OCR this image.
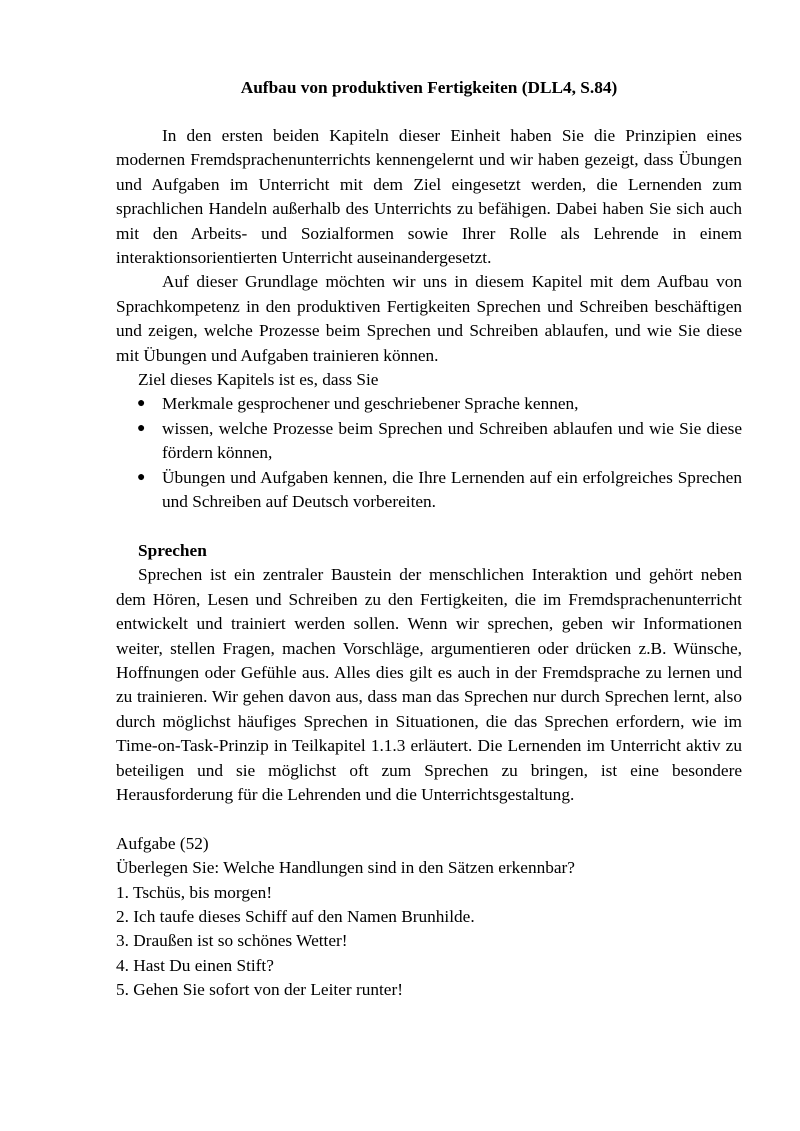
Aufbau von produktiven Fertigkeiten (DLL4, S.84)

In den ersten beiden Kapiteln dieser Einheit haben Sie die Prinzipien eines modernen Fremdsprachenunterrichts kennengelernt und wir haben gezeigt, dass Übungen und Aufgaben im Unterricht mit dem Ziel eingesetzt werden, die Lernenden zum sprachlichen Handeln außerhalb des Unterrichts zu befähigen. Dabei haben Sie sich auch mit den Arbeits- und Sozialformen sowie Ihrer Rolle als Lehrende in einem interaktionsorientierten Unterricht auseinandergesetzt.

Auf dieser Grundlage möchten wir uns in diesem Kapitel mit dem Aufbau von Sprachkompetenz in den produktiven Fertigkeiten Sprechen und Schreiben beschäftigen und zeigen, welche Prozesse beim Sprechen und Schreiben ablaufen, und wie Sie diese mit Übungen und Aufgaben trainieren können.

Ziel dieses Kapitels ist es, dass Sie

● Merkmale gesprochener und geschriebener Sprache kennen,
● wissen, welche Prozesse beim Sprechen und Schreiben ablaufen und wie Sie diese fördern können,
● Übungen und Aufgaben kennen, die Ihre Lernenden auf ein erfolgreiches Sprechen und Schreiben auf Deutsch vorbereiten.
Sprechen

Sprechen ist ein zentraler Baustein der menschlichen Interaktion und gehört neben dem Hören, Lesen und Schreiben zu den Fertigkeiten, die im Fremdsprachenunterricht entwickelt und trainiert werden sollen. Wenn wir sprechen, geben wir Informationen weiter, stellen Fragen, machen Vorschläge, argumentieren oder drücken z.B. Wünsche, Hoffnungen oder Gefühle aus. Alles dies gilt es auch in der Fremdsprache zu lernen und zu trainieren. Wir gehen davon aus, dass man das Sprechen nur durch Sprechen lernt, also durch möglichst häufiges Sprechen in Situationen, die das Sprechen erfordern, wie im Time-on-Task-Prinzip in Teilkapitel 1.1.3 erläutert. Die Lernenden im Unterricht aktiv zu beteiligen und sie möglichst oft zum Sprechen zu bringen, ist eine besondere Herausforderung für die Lehrenden und die Unterrichtsgestaltung.

Aufgabe (52)

Überlegen Sie: Welche Handlungen sind in den Sätzen erkennbar?

1. Tschüs, bis morgen!

2. Ich taufe dieses Schiff auf den Namen Brunhilde.

3. Draußen ist so schönes Wetter!

4. Hast Du einen Stift?

5. Gehen Sie sofort von der Leiter runter!
